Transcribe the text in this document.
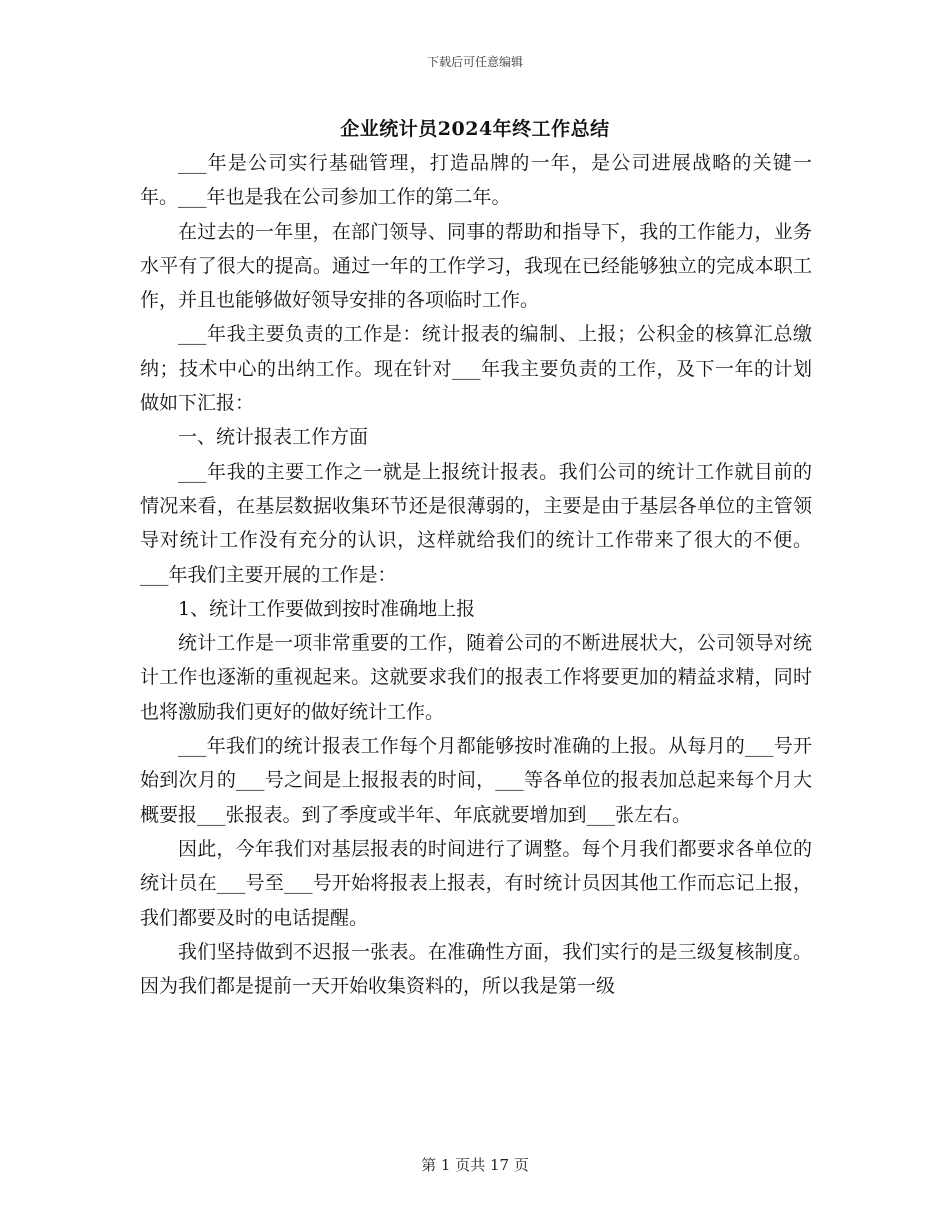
下载后可任意编辑
企业统计员2024年终工作总结

___年是公司实行基础管理，打造品牌的一年，是公司进展战略的关键一年。___年也是我在公司参加工作的第二年。

在过去的一年里，在部门领导、同事的帮助和指导下，我的工作能力，业务水平有了很大的提高。通过一年的工作学习，我现在已经能够独立的完成本职工作，并且也能够做好领导安排的各项临时工作。

___年我主要负责的工作是：统计报表的编制、上报；公积金的核算汇总缴纳；技术中心的出纳工作。现在针对___年我主要负责的工作，及下一年的计划做如下汇报：

一、统计报表工作方面

___年我的主要工作之一就是上报统计报表。我们公司的统计工作就目前的情况来看，在基层数据收集环节还是很薄弱的，主要是由于基层各单位的主管领导对统计工作没有充分的认识，这样就给我们的统计工作带来了很大的不便。___年我们主要开展的工作是：

1、统计工作要做到按时准确地上报

统计工作是一项非常重要的工作，随着公司的不断进展状大，公司领导对统计工作也逐渐的重视起来。这就要求我们的报表工作将要更加的精益求精，同时也将激励我们更好的做好统计工作。

___年我们的统计报表工作每个月都能够按时准确的上报。从每月的___号开始到次月的___号之间是上报报表的时间，___等各单位的报表加总起来每个月大概要报___张报表。到了季度或半年、年底就要增加到___张左右。

因此，今年我们对基层报表的时间进行了调整。每个月我们都要求各单位的统计员在___号至___号开始将报表上报表，有时统计员因其他工作而忘记上报，我们都要及时的电话提醒。

我们坚持做到不迟报一张表。在准确性方面，我们实行的是三级复核制度。因为我们都是提前一天开始收集资料的，所以我是第一级

第 1 页共 17 页
